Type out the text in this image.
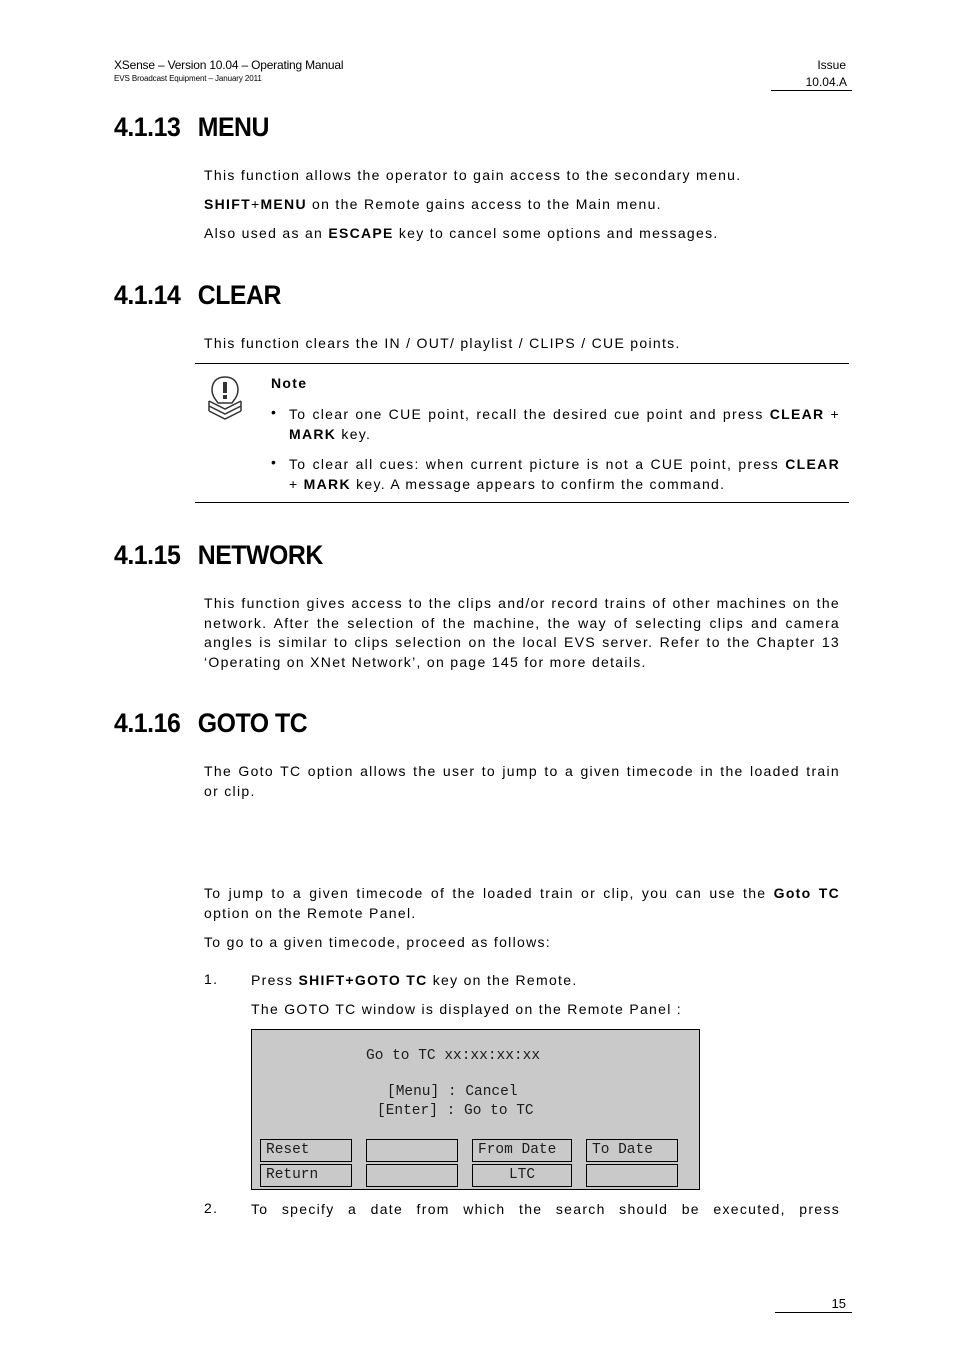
XSense – Version 10.04 – Operating Manual
EVS Broadcast Equipment – January 2011
Issue
10.04.A
4.1.13 MENU
This function allows the operator to gain access to the secondary menu.
SHIFT+MENU on the Remote gains access to the Main menu.
Also used as an ESCAPE key to cancel some options and messages.
4.1.14 CLEAR
This function clears the IN / OUT/ playlist / CLIPS / CUE points.
Note
• To clear one CUE point, recall the desired cue point and press CLEAR + MARK key.
• To clear all cues: when current picture is not a CUE point, press CLEAR + MARK key. A message appears to confirm the command.
4.1.15 NETWORK
This function gives access to the clips and/or record trains of other machines on the network. After the selection of the machine, the way of selecting clips and camera angles is similar to clips selection on the local EVS server. Refer to the Chapter 13 ‘Operating on XNet Network’, on page 145 for more details.
4.1.16 GOTO TC
The Goto TC option allows the user to jump to a given timecode in the loaded train or clip.
To jump to a given timecode of the loaded train or clip, you can use the Goto TC option on the Remote Panel.
To go to a given timecode, proceed as follows:
1. Press SHIFT+GOTO TC key on the Remote.
The GOTO TC window is displayed on the Remote Panel :
Go to TC xx:xx:xx:xx
[Menu] : Cancel
[Enter] : Go to TC
Reset
Return
From Date
LTC
To Date
2. To specify a date from which the search should be executed, press
15
